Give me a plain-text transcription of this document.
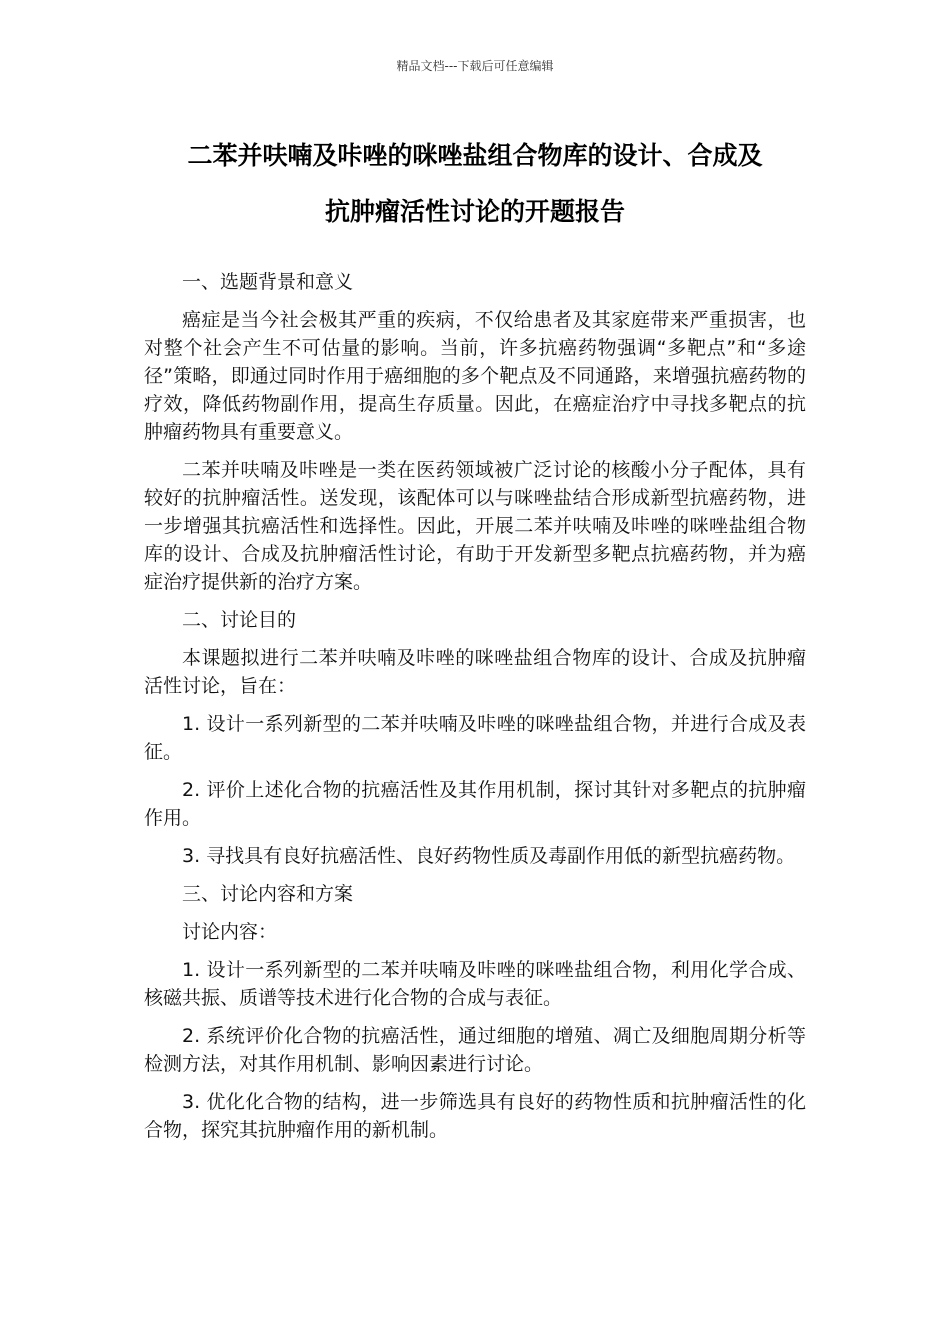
精品文档---下载后可任意编辑
二苯并呋喃及咔唑的咪唑盐组合物库的设计、合成及
抗肿瘤活性讨论的开题报告

一、选题背景和意义

癌症是当今社会极其严重的疾病，不仅给患者及其家庭带来严重损害，也对整个社会产生不可估量的影响。当前，许多抗癌药物强调“多靶点”和“多途径”策略，即通过同时作用于癌细胞的多个靶点及不同通路，来增强抗癌药物的疗效，降低药物副作用，提高生存质量。因此，在癌症治疗中寻找多靶点的抗肿瘤药物具有重要意义。

二苯并呋喃及咔唑是一类在医药领域被广泛讨论的核酸小分子配体，具有较好的抗肿瘤活性。送发现，该配体可以与咪唑盐结合形成新型抗癌药物，进一步增强其抗癌活性和选择性。因此，开展二苯并呋喃及咔唑的咪唑盐组合物库的设计、合成及抗肿瘤活性讨论，有助于开发新型多靶点抗癌药物，并为癌症治疗提供新的治疗方案。

二、讨论目的

本课题拟进行二苯并呋喃及咔唑的咪唑盐组合物库的设计、合成及抗肿瘤活性讨论，旨在：

1. 设计一系列新型的二苯并呋喃及咔唑的咪唑盐组合物，并进行合成及表征。

2. 评价上述化合物的抗癌活性及其作用机制，探讨其针对多靶点的抗肿瘤作用。

3. 寻找具有良好抗癌活性、良好药物性质及毒副作用低的新型抗癌药物。

三、讨论内容和方案

讨论内容：

1. 设计一系列新型的二苯并呋喃及咔唑的咪唑盐组合物，利用化学合成、核磁共振、质谱等技术进行化合物的合成与表征。

2. 系统评价化合物的抗癌活性，通过细胞的增殖、凋亡及细胞周期分析等检测方法，对其作用机制、影响因素进行讨论。

3. 优化化合物的结构，进一步筛选具有良好的药物性质和抗肿瘤活性的化合物，探究其抗肿瘤作用的新机制。
